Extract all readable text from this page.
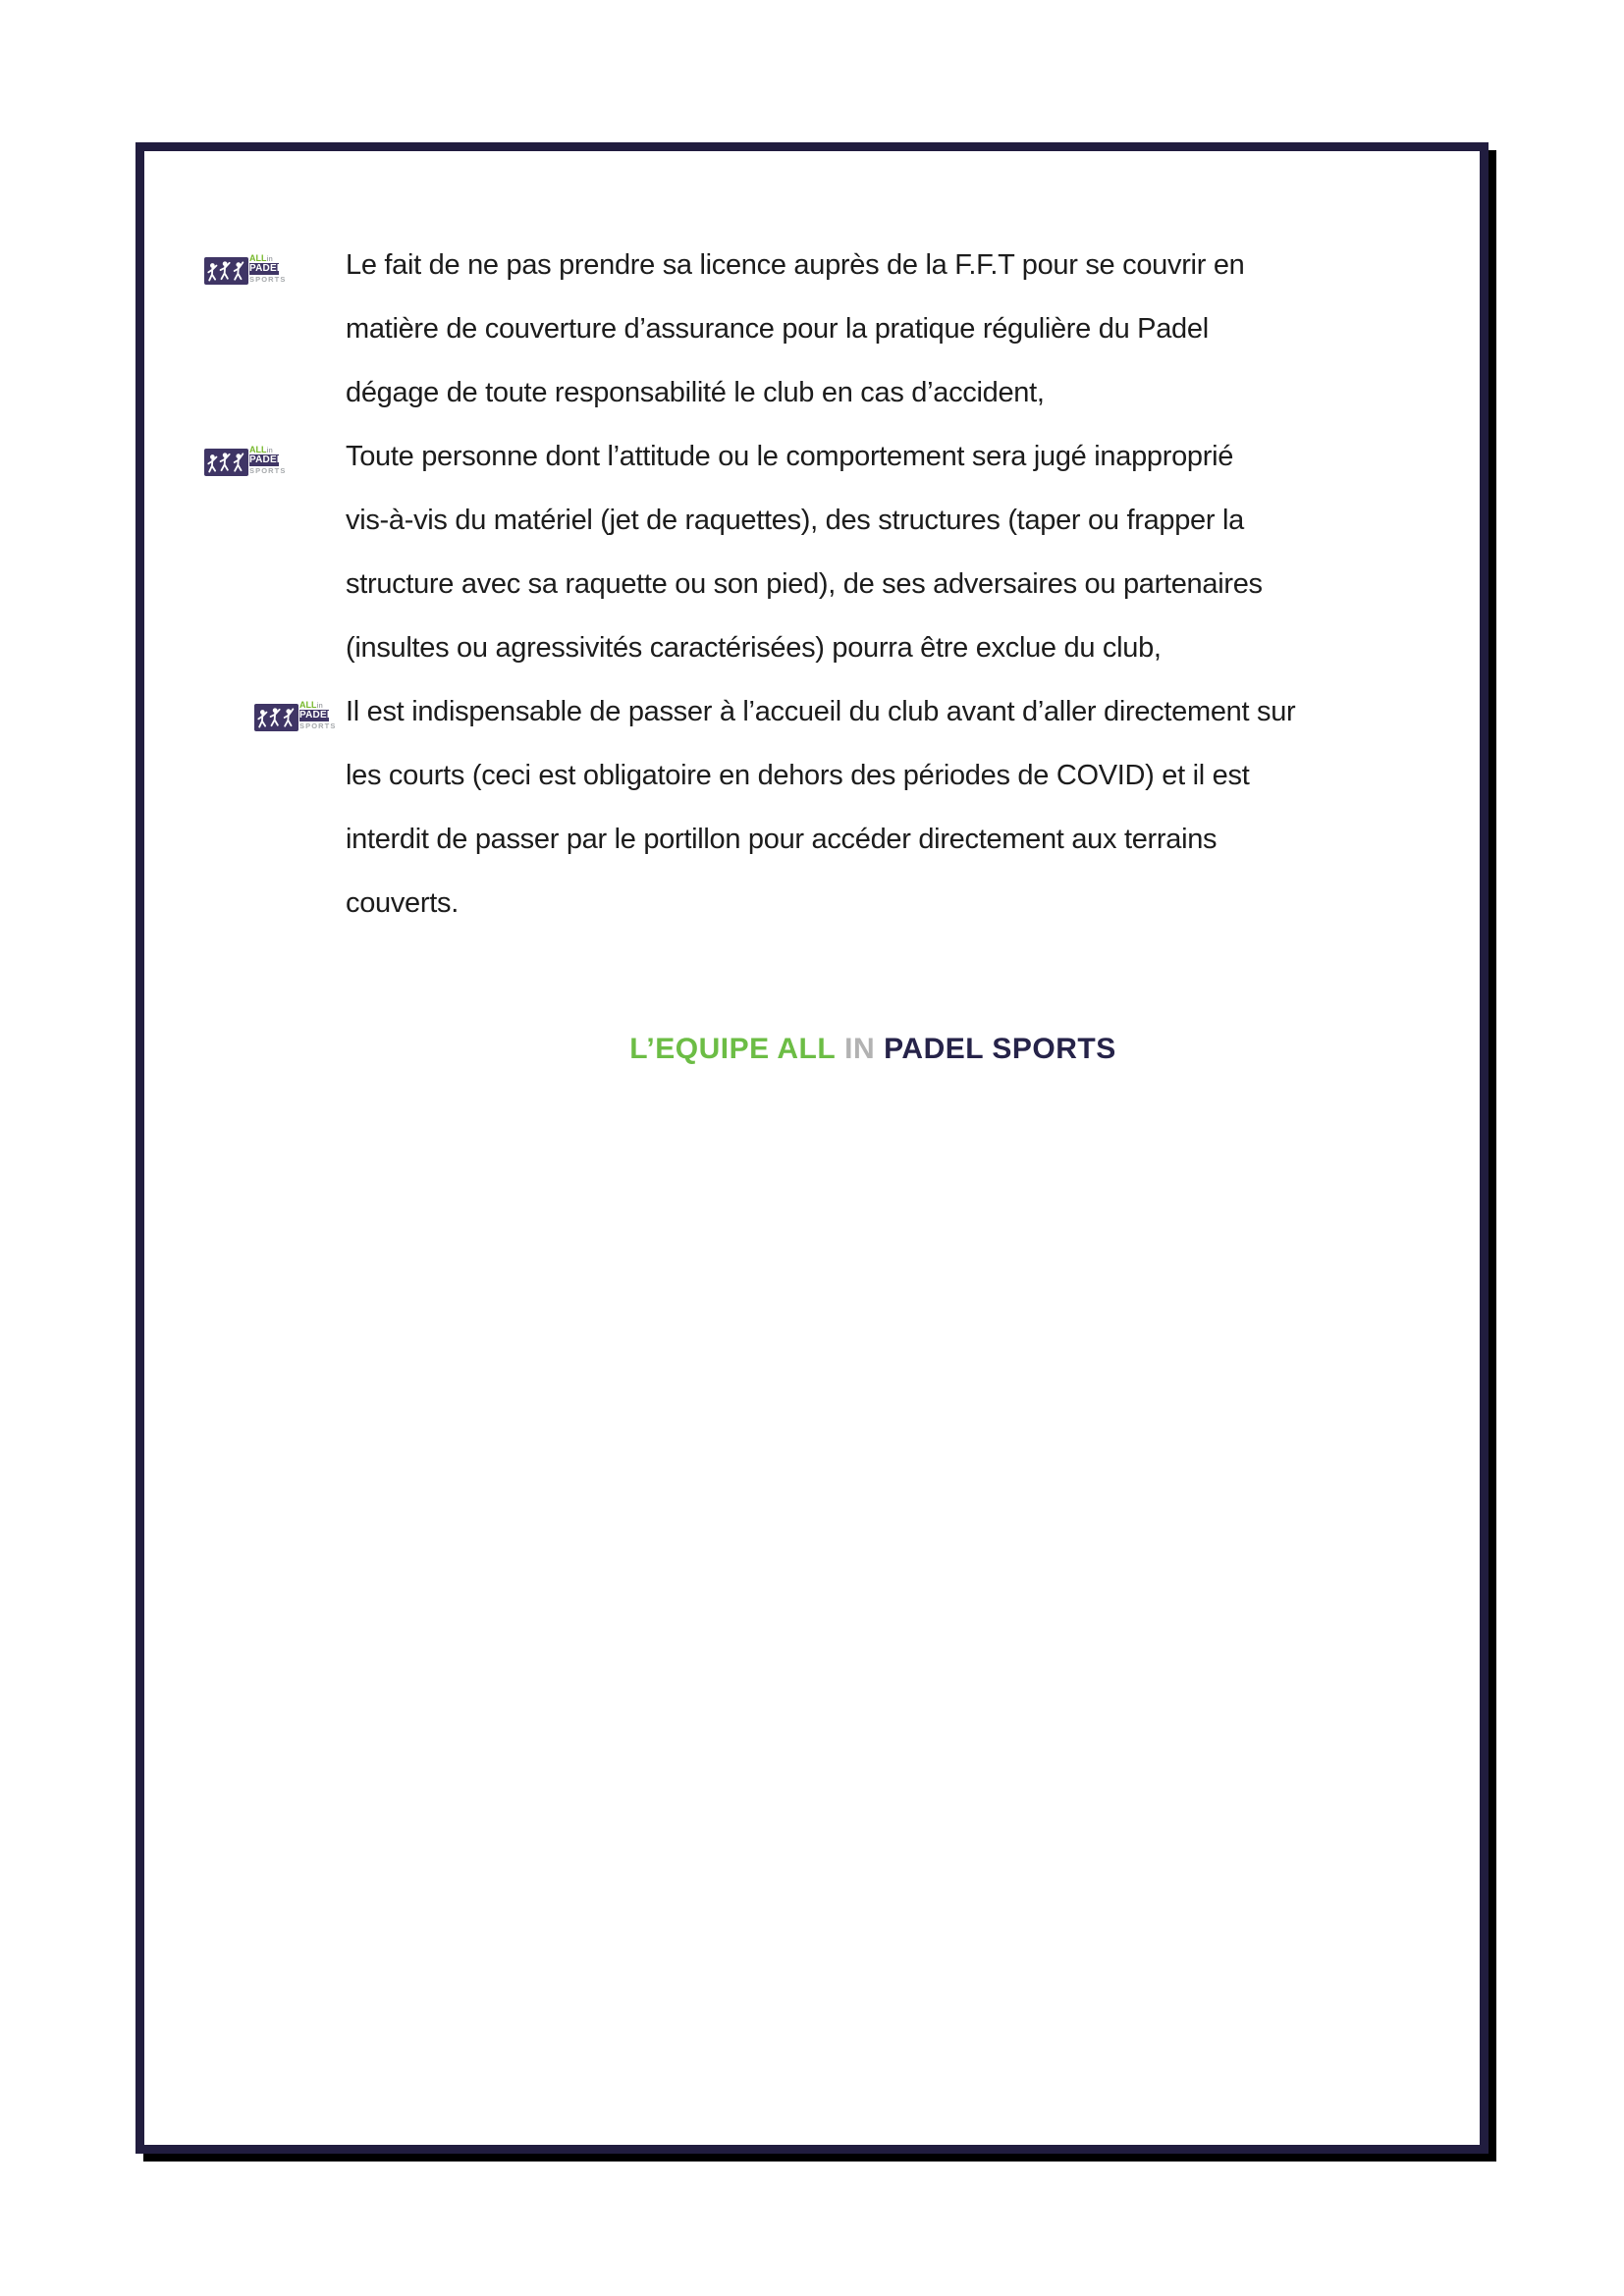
ALLin
PADEL
SPORTS Le fait de ne pas prendre sa licence auprès de la F.F.T pour se couvrir en
matière de couverture d’assurance pour la pratique régulière du Padel
dégage de toute responsabilité le club en cas d’accident,
ALLin
PADEL
SPORTS Toute personne dont l’attitude ou le comportement sera jugé inapproprié
vis-à-vis du matériel (jet de raquettes), des structures (taper ou frapper la
structure avec sa raquette ou son pied), de ses adversaires ou partenaires
(insultes ou agressivités caractérisées) pourra être exclue du club,
ALLin
PADEL
SPORTS Il est indispensable de passer à l’accueil du club avant d’aller directement sur
les courts (ceci est obligatoire en dehors des périodes de COVID) et il est
interdit de passer par le portillon pour accéder directement aux terrains
couverts.
L’EQUIPE ALL IN PADEL SPORTS
